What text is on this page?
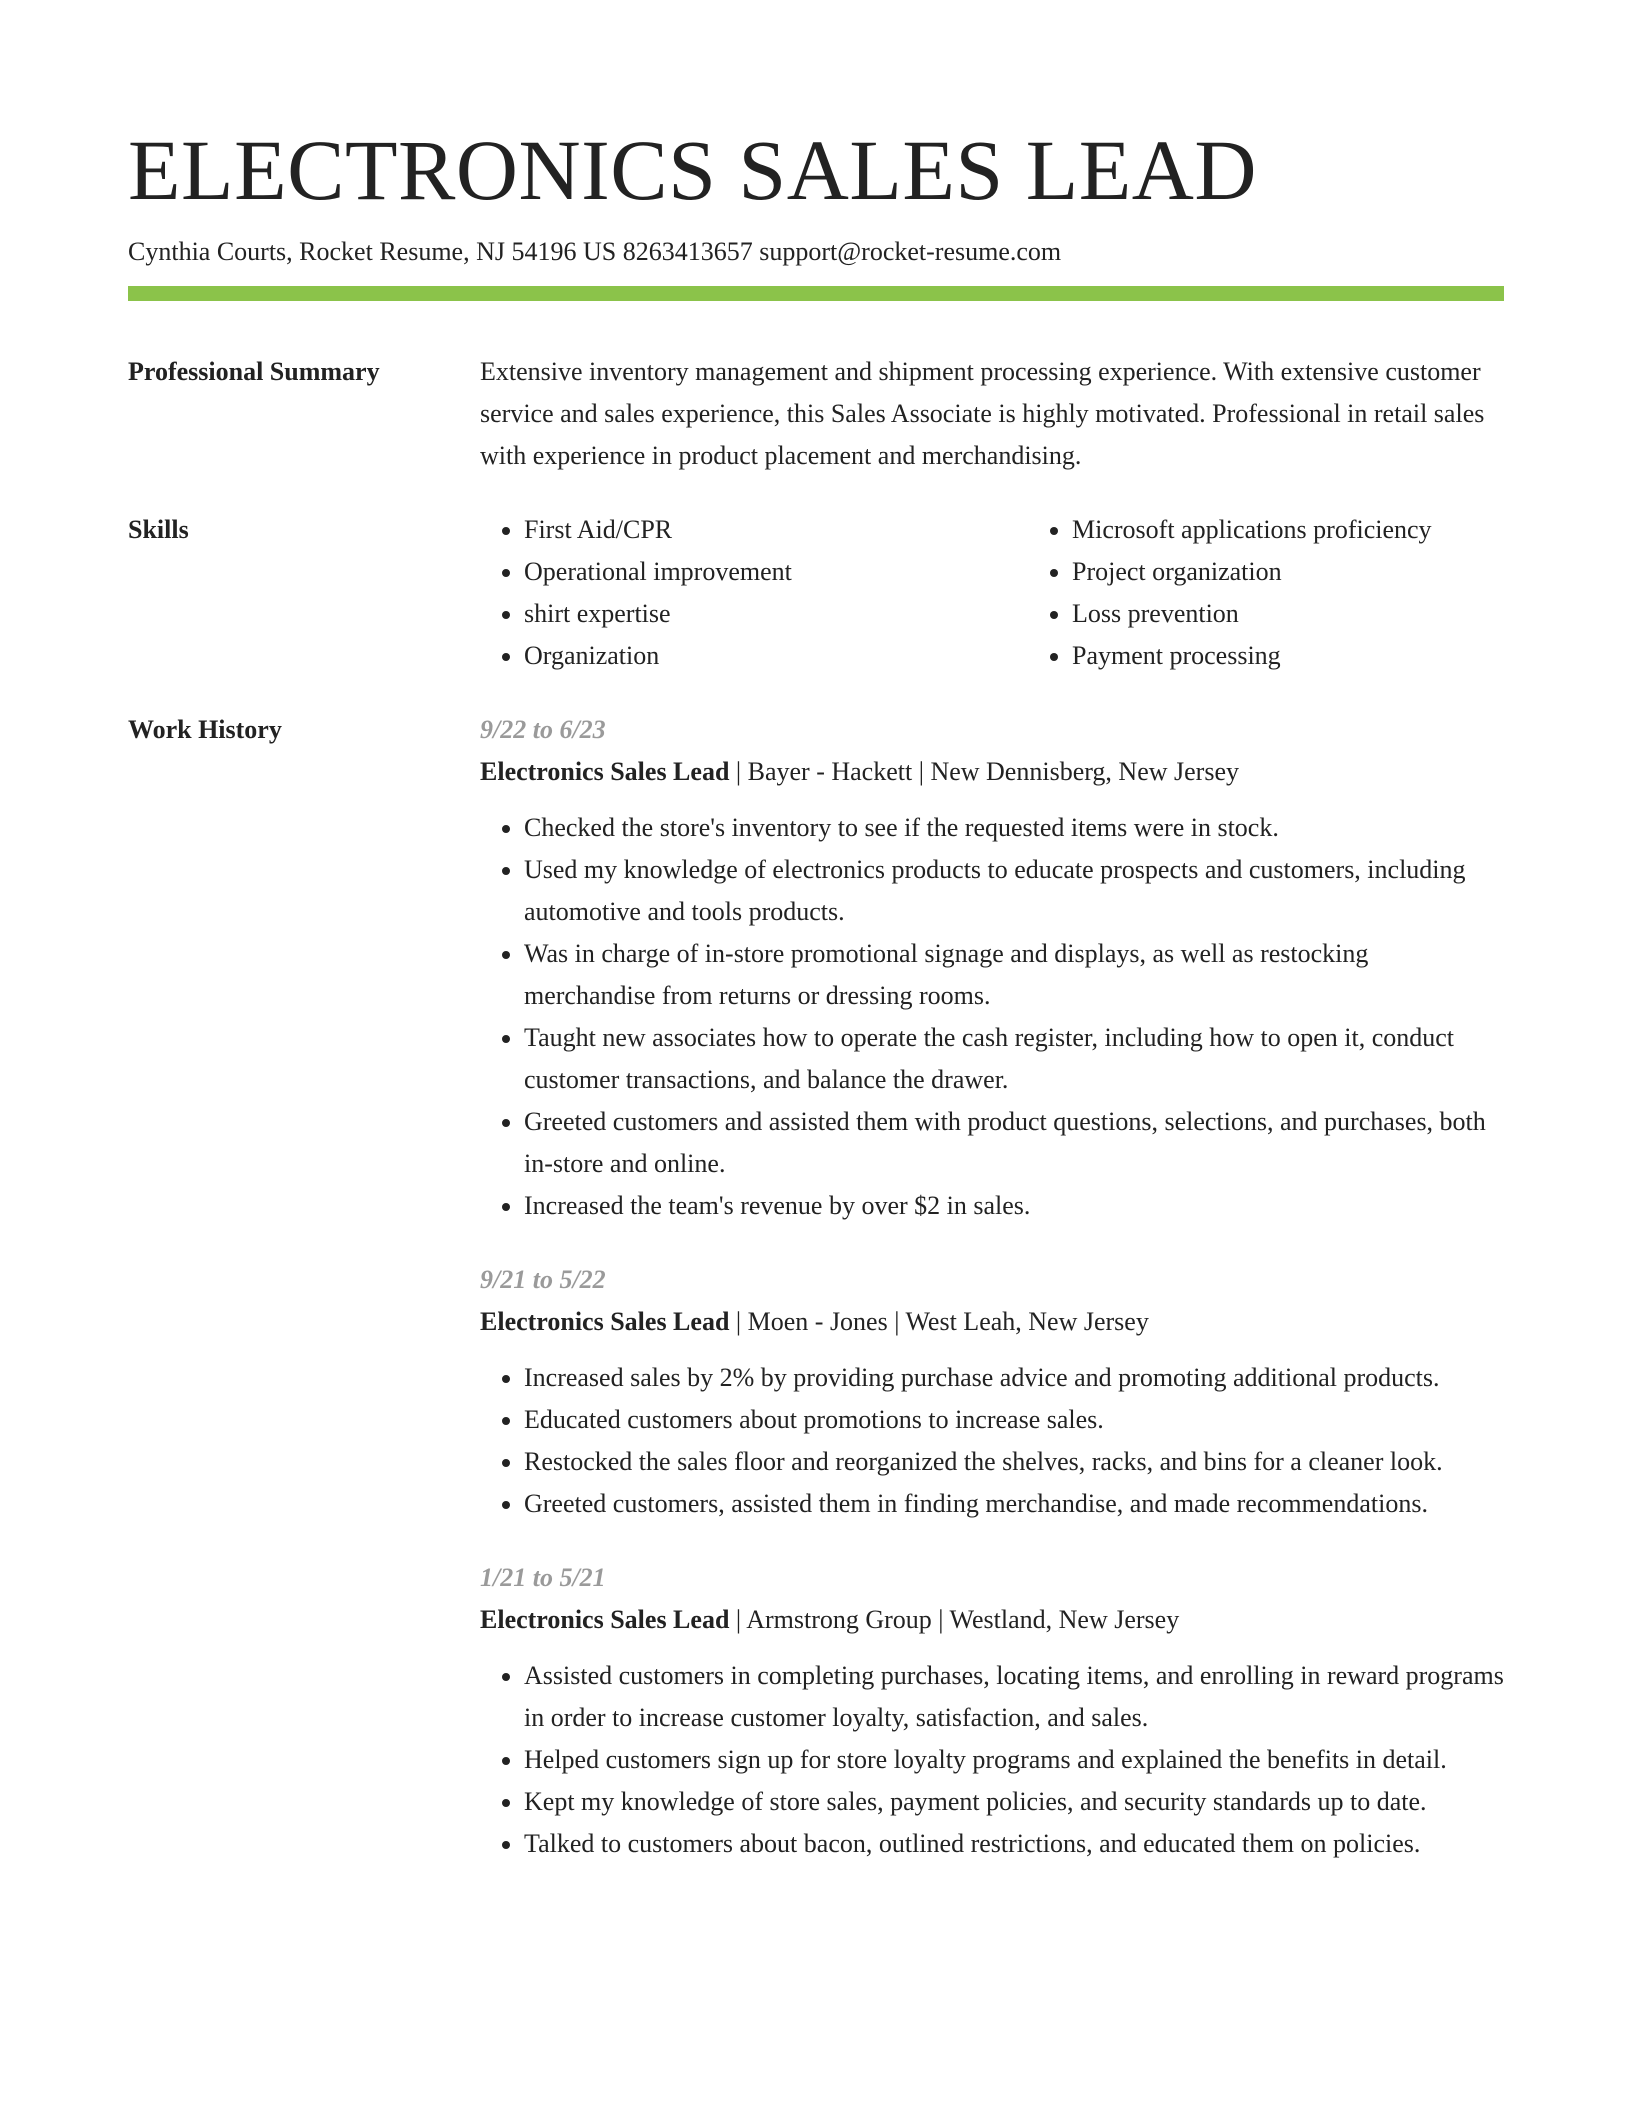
ELECTRONICS SALES LEAD
Cynthia Courts, Rocket Resume, NJ 54196 US 8263413657 support@rocket-resume.com
Professional Summary	Extensive inventory management and shipment processing experience. With extensive customer service and sales experience, this Sales Associate is highly motivated. Professional in retail sales with experience in product placement and merchandising.
Skills	• First Aid/CPR
• Operational improvement
• shirt expertise
• Organization
• Microsoft applications proficiency
• Project organization
• Loss prevention
• Payment processing
Work History	9/22 to 6/23
Electronics Sales Lead | Bayer - Hackett | New Dennisberg, New Jersey
• Checked the store's inventory to see if the requested items were in stock.
• Used my knowledge of electronics products to educate prospects and customers, including automotive and tools products.
• Was in charge of in-store promotional signage and displays, as well as restocking merchandise from returns or dressing rooms.
• Taught new associates how to operate the cash register, including how to open it, conduct customer transactions, and balance the drawer.
• Greeted customers and assisted them with product questions, selections, and purchases, both in-store and online.
• Increased the team's revenue by over $2 in sales.
9/21 to 5/22
Electronics Sales Lead | Moen - Jones | West Leah, New Jersey
• Increased sales by 2% by providing purchase advice and promoting additional products.
• Educated customers about promotions to increase sales.
• Restocked the sales floor and reorganized the shelves, racks, and bins for a cleaner look.
• Greeted customers, assisted them in finding merchandise, and made recommendations.
1/21 to 5/21
Electronics Sales Lead | Armstrong Group | Westland, New Jersey
• Assisted customers in completing purchases, locating items, and enrolling in reward programs in order to increase customer loyalty, satisfaction, and sales.
• Helped customers sign up for store loyalty programs and explained the benefits in detail.
• Kept my knowledge of store sales, payment policies, and security standards up to date.
• Talked to customers about bacon, outlined restrictions, and educated them on policies.
